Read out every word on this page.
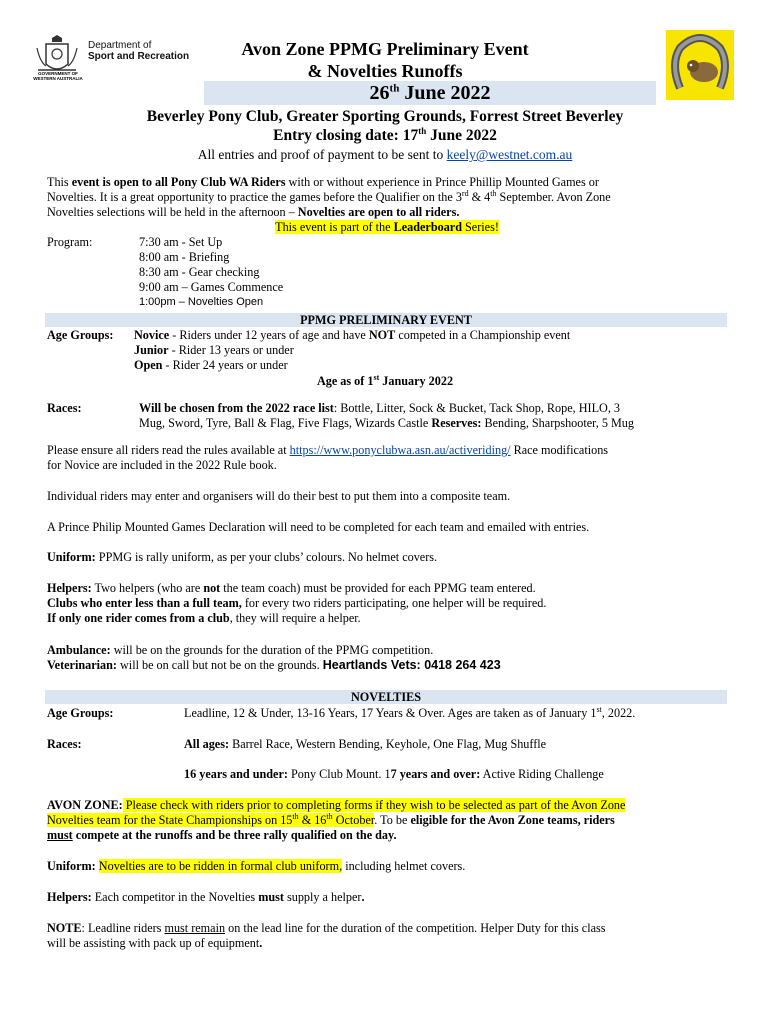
Department of
Sport and Recreation
GOVERNMENT OF
WESTERN AUSTRALIA
Avon Zone PPMG Preliminary Event
& Novelties Runoffs
26th June 2022
Beverley Pony Club, Greater Sporting Grounds, Forrest Street Beverley
Entry closing date: 17th June 2022
All entries and proof of payment to be sent to keely@westnet.com.au
This event is open to all Pony Club WA Riders with or without experience in Prince Phillip Mounted Games or
Novelties. It is a great opportunity to practice the games before the Qualifier on the 3rd & 4th September. Avon Zone
Novelties selections will be held in the afternoon – Novelties are open to all riders.
This event is part of the Leaderboard Series!
Program:	7:30 am - Set Up
8:00 am - Briefing
8:30 am - Gear checking
9:00 am – Games Commence
1:00pm – Novelties Open
PPMG PRELIMINARY EVENT
Age Groups: Novice - Riders under 12 years of age and have NOT competed in a Championship event
Junior - Rider 13 years or under
Open - Rider 24 years or under
Age as of 1st January 2022
Races:	Will be chosen from the 2022 race list: Bottle, Litter, Sock & Bucket, Tack Shop, Rope, HILO, 3
Mug, Sword, Tyre, Ball & Flag, Five Flags, Wizards Castle Reserves: Bending, Sharpshooter, 5 Mug
Please ensure all riders read the rules available at https://www.ponyclubwa.asn.au/activeriding/ Race modifications
for Novice are included in the 2022 Rule book.
Individual riders may enter and organisers will do their best to put them into a composite team.
A Prince Philip Mounted Games Declaration will need to be completed for each team and emailed with entries.
Uniform: PPMG is rally uniform, as per your clubs’ colours. No helmet covers.
Helpers: Two helpers (who are not the team coach) must be provided for each PPMG team entered.
Clubs who enter less than a full team, for every two riders participating, one helper will be required.
If only one rider comes from a club, they will require a helper.
Ambulance: will be on the grounds for the duration of the PPMG competition.
Veterinarian: will be on call but not be on the grounds. Heartlands Vets: 0418 264 423
NOVELTIES
Age Groups:	Leadline, 12 & Under, 13-16 Years, 17 Years & Over. Ages are taken as of January 1st, 2022.
Races:	All ages: Barrel Race, Western Bending, Keyhole, One Flag, Mug Shuffle
16 years and under: Pony Club Mount. 17 years and over: Active Riding Challenge
AVON ZONE: Please check with riders prior to completing forms if they wish to be selected as part of the Avon Zone
Novelties team for the State Championships on 15th & 16th October. To be eligible for the Avon Zone teams, riders
must compete at the runoffs and be three rally qualified on the day.
Uniform: Novelties are to be ridden in formal club uniform, including helmet covers.
Helpers: Each competitor in the Novelties must supply a helper.
NOTE: Leadline riders must remain on the lead line for the duration of the competition. Helper Duty for this class
will be assisting with pack up of equipment.
